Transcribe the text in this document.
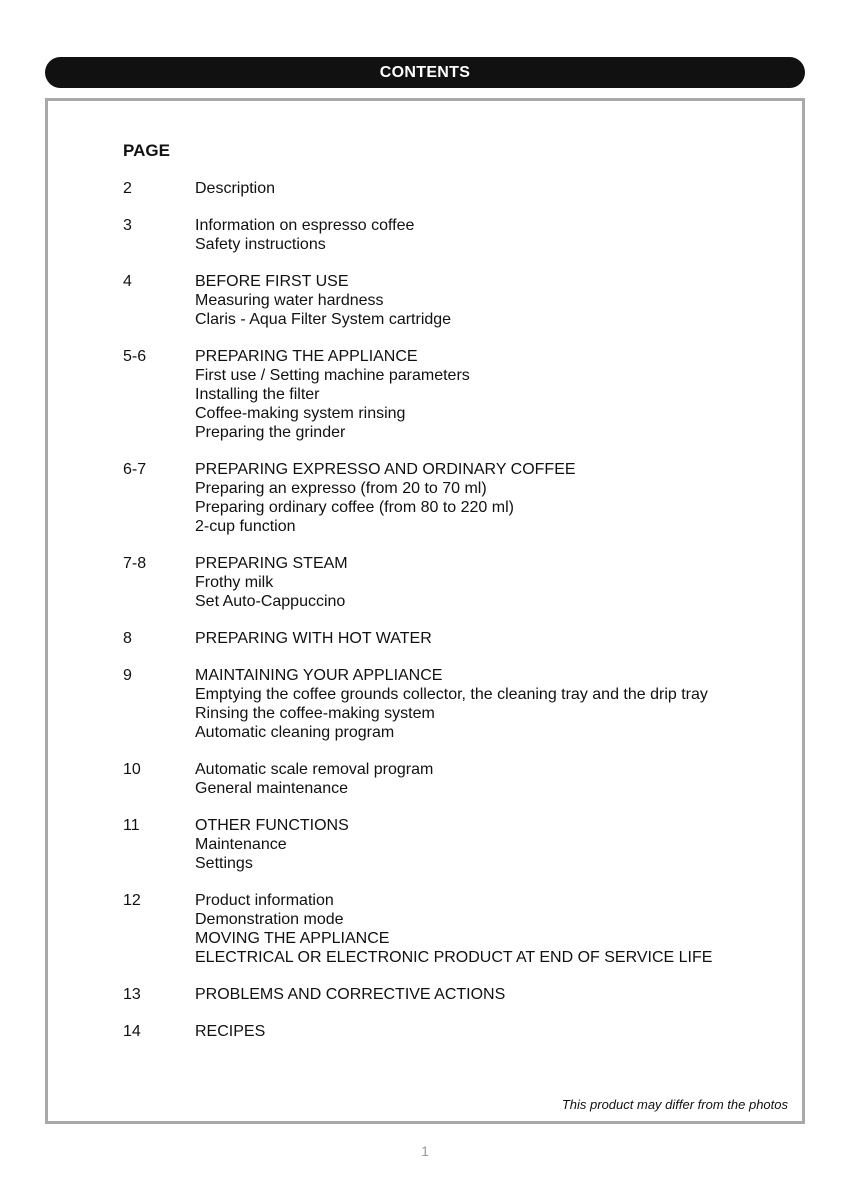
CONTENTS
PAGE
2	Description
3	Information on espresso coffee
Safety instructions
4	BEFORE FIRST USE
Measuring water hardness
Claris - Aqua Filter System cartridge
5-6	PREPARING THE APPLIANCE
First use / Setting machine parameters
Installing the filter
Coffee-making system rinsing
Preparing the grinder
6-7	PREPARING EXPRESSO AND ORDINARY COFFEE
Preparing an expresso (from 20 to 70 ml)
Preparing ordinary coffee (from 80 to 220 ml)
2-cup function
7-8	PREPARING STEAM
Frothy milk
Set Auto-Cappuccino
8	PREPARING WITH HOT WATER
9	MAINTAINING YOUR APPLIANCE
Emptying the coffee grounds collector, the cleaning tray and the drip tray
Rinsing the coffee-making system
Automatic cleaning program
10	Automatic scale removal program
General maintenance
11	OTHER FUNCTIONS
Maintenance
Settings
12	Product information
Demonstration mode
MOVING THE APPLIANCE
ELECTRICAL OR ELECTRONIC PRODUCT AT END OF SERVICE LIFE
13	PROBLEMS AND CORRECTIVE ACTIONS
14	RECIPES
This product may differ from the photos
1
